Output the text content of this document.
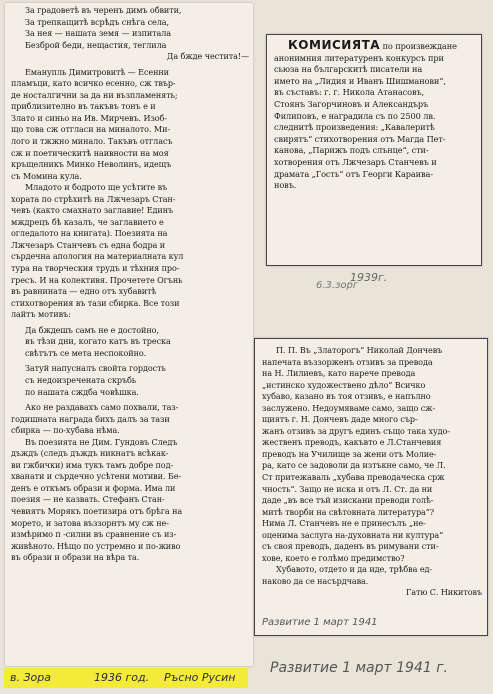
За градоветѣ въ черенъ димъ обвити,

За трепкащитѣ всрѣдъ снѣга села,

За нея — нашата земя — изпитала

Безброй беди, нещастия, теглила

Да бжде честита!—

Еманупль Димитровитѣ — Есенни

пламъци, като всичко есенно, сж твър-

де носталгични за да ни възпламенять;

приблизително въ такъвъ тонъ е и

Злато и синьо на Ив. Мирчевъ. Изоб-

що това сж отгласи на миналото. Ми-

лого и тжжно минало. Такъвъ отгласъ

сж и поетическитѣ наивности на моя

кръщелникъ Минко Неволинъ, идещъ

съ Момина кула.

Младото и бодрото ще усѣтите въ

хората по стрѣхитѣ на Лжчезаръ Стан-

чевъ (както смахнато заглавие! Единъ

мждрецъ бѣ казалъ, че заглавието е

огледалото на книгата). Поезията на

Лжчезаръ Станчевъ съ една бодра и

сърдечна апология на материалната кул

тура на творческия трудъ и тѣхния про-

гресъ. И на колективя. Прочетете Огънь

въ равнината — едно отъ хубавитѣ

стихотворения въ тази сбирка. Все този

лайтъ мотивъ:

Да бждешъ самъ не е достойно,

въ тѣзи дни, когато катъ въ треска

свѣтътъ се мета неспокойно.

Затуй напусналъ свойта гордость

съ недоизречената скръбь

по нашата сждба човѣшка.

Ако не раздавахъ само похвали, таз-

годишната награда бихъ далъ за тази

сбирка — по-хубава нѣма.

Въ поезията не Дим. Гундовъ Следъ

дъждъ (следъ дъждъ никнатъ всѣкак-

ви гжбички) има тукъ тамъ добре под-

хванати и сърдечно усѣтени мотиви. Бе-

денъ е откъмъ образи и форма. Има ли

поезия — не казвать. Стефанъ Стан-

чевиятъ Морякъ поетизира отъ брѣга на

морето, и затова въззорнтъ му сж не-

измѣримо п -силни въ сравнение съ из-

живѣното. Нѣщо по устремно и по-живо

въ образи и образи на вѣра та.

КОМИСИЯТА по произвеждане

анонимния литературенъ конкурсъ при

сьюза на българскитѣ писатели на

името на „Лидия и Иванъ Шишманови“,

въ съставъ: г. г. Никола Атанасовъ,

Стоянъ Загорчиновъ и Александъръ

Филиповъ, е наградила съ по 2500 лв.

следнитѣ произведения: „Кавалеритѣ

свирятъ“ стихотворения отъ Магда Пет-

канова, „Парижъ подъ слънце“, сти-

хотворения отъ Лжчезаръ Станчевъ и

драмата „Гость“ отъ Георги Караива-

новъ.

П. П. Въ „Златорогъ“ Николай Дончевъ

напечата въззорженъ отзивъ за превода

на Н. Лилиевъ, като нарече превода

„истинско художествено дѣло“ Всичко

хубаво, казано въ тоя отзивъ, е напълно

заслужено. Недоумяваме само, защо сж-

щиятъ г. Н. Дончевъ даде много сър-

жанъ отзивъ за другъ единъ също така худо-

жественъ преводъ, какъвто е Л.Станчевия

преводъ на Училище за жени отъ Молие-

ра, като се задоволи да изтъкне само, че Л.

Ст притежаваль „хубава преводаческа срж

чность“. Защо не иска и отъ Л. Ст. да ни

даде „въ все тъй изискани преводи голѣ-

митѣ творби на свѣтовната литература“?

Нима Л. Станчевъ не е принесълъ „не-

оценима заслуга на-духовната ни култура“

съ своя преводъ, даденъ въ римувани сти-

хове, което е голѣмо предимство?

Хубавото, отдето и да иде, трѣбва ед-

наково да се насърдчава.

Гатю С. Никитовъ

6.3.зорг
1939г.
Развитие 1 март 1941
Развитие 1 март 1941 г.
в. Зора	1936 год. Ръсно Русин
